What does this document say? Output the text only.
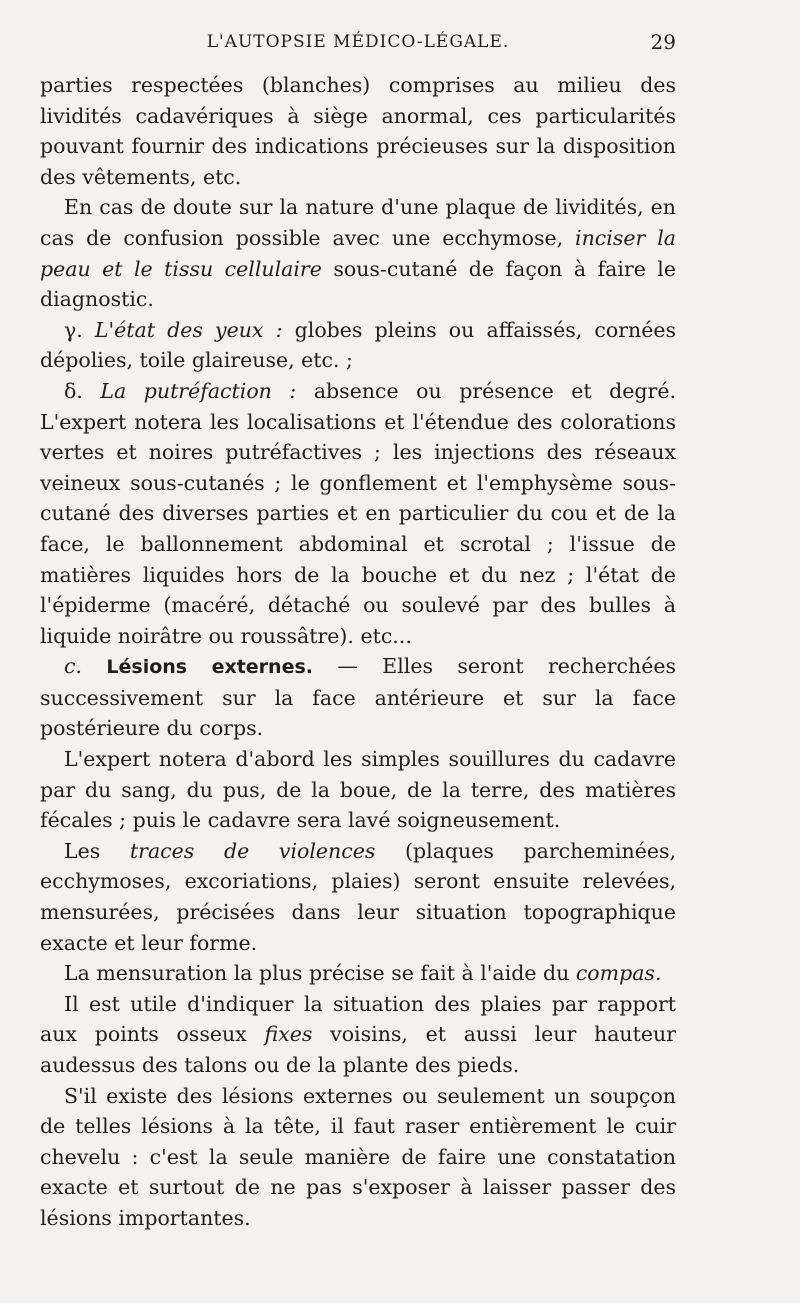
L'AUTOPSIE MÉDICO-LÉGALE.	29

parties respectées (blanches) comprises au milieu des lividités cadavériques à siège anormal, ces particularités pouvant fournir des indications précieuses sur la disposition des vêtements, etc.

En cas de doute sur la nature d'une plaque de lividités, en cas de confusion possible avec une ecchymose, inciser la peau et le tissu cellulaire sous-cutané de façon à faire le diagnostic.

γ. L'état des yeux : globes pleins ou affaissés, cornées dépolies, toile glaireuse, etc. ;

δ. La putréfaction : absence ou présence et degré. L'expert notera les localisations et l'étendue des colorations vertes et noires putréfactives ; les injections des réseaux veineux sous-cutanés ; le gonflement et l'emphysème sous-cutané des diverses parties et en particulier du cou et de la face, le ballonnement abdominal et scrotal ; l'issue de matières liquides hors de la bouche et du nez ; l'état de l'épiderme (macéré, détaché ou soulevé par des bulles à liquide noirâtre ou roussâtre). etc...

c. Lésions externes. — Elles seront recherchées successivement sur la face antérieure et sur la face postérieure du corps.

L'expert notera d'abord les simples souillures du cadavre par du sang, du pus, de la boue, de la terre, des matières fécales ; puis le cadavre sera lavé soigneusement.

Les traces de violences (plaques parcheminées, ecchymoses, excoriations, plaies) seront ensuite relevées, mensurées, précisées dans leur situation topographique exacte et leur forme.

La mensuration la plus précise se fait à l'aide du compas.

Il est utile d'indiquer la situation des plaies par rapport aux points osseux fixes voisins, et aussi leur hauteur audessus des talons ou de la plante des pieds.

S'il existe des lésions externes ou seulement un soupçon de telles lésions à la tête, il faut raser entièrement le cuir chevelu : c'est la seule manière de faire une constatation exacte et surtout de ne pas s'exposer à laisser passer des lésions importantes.
